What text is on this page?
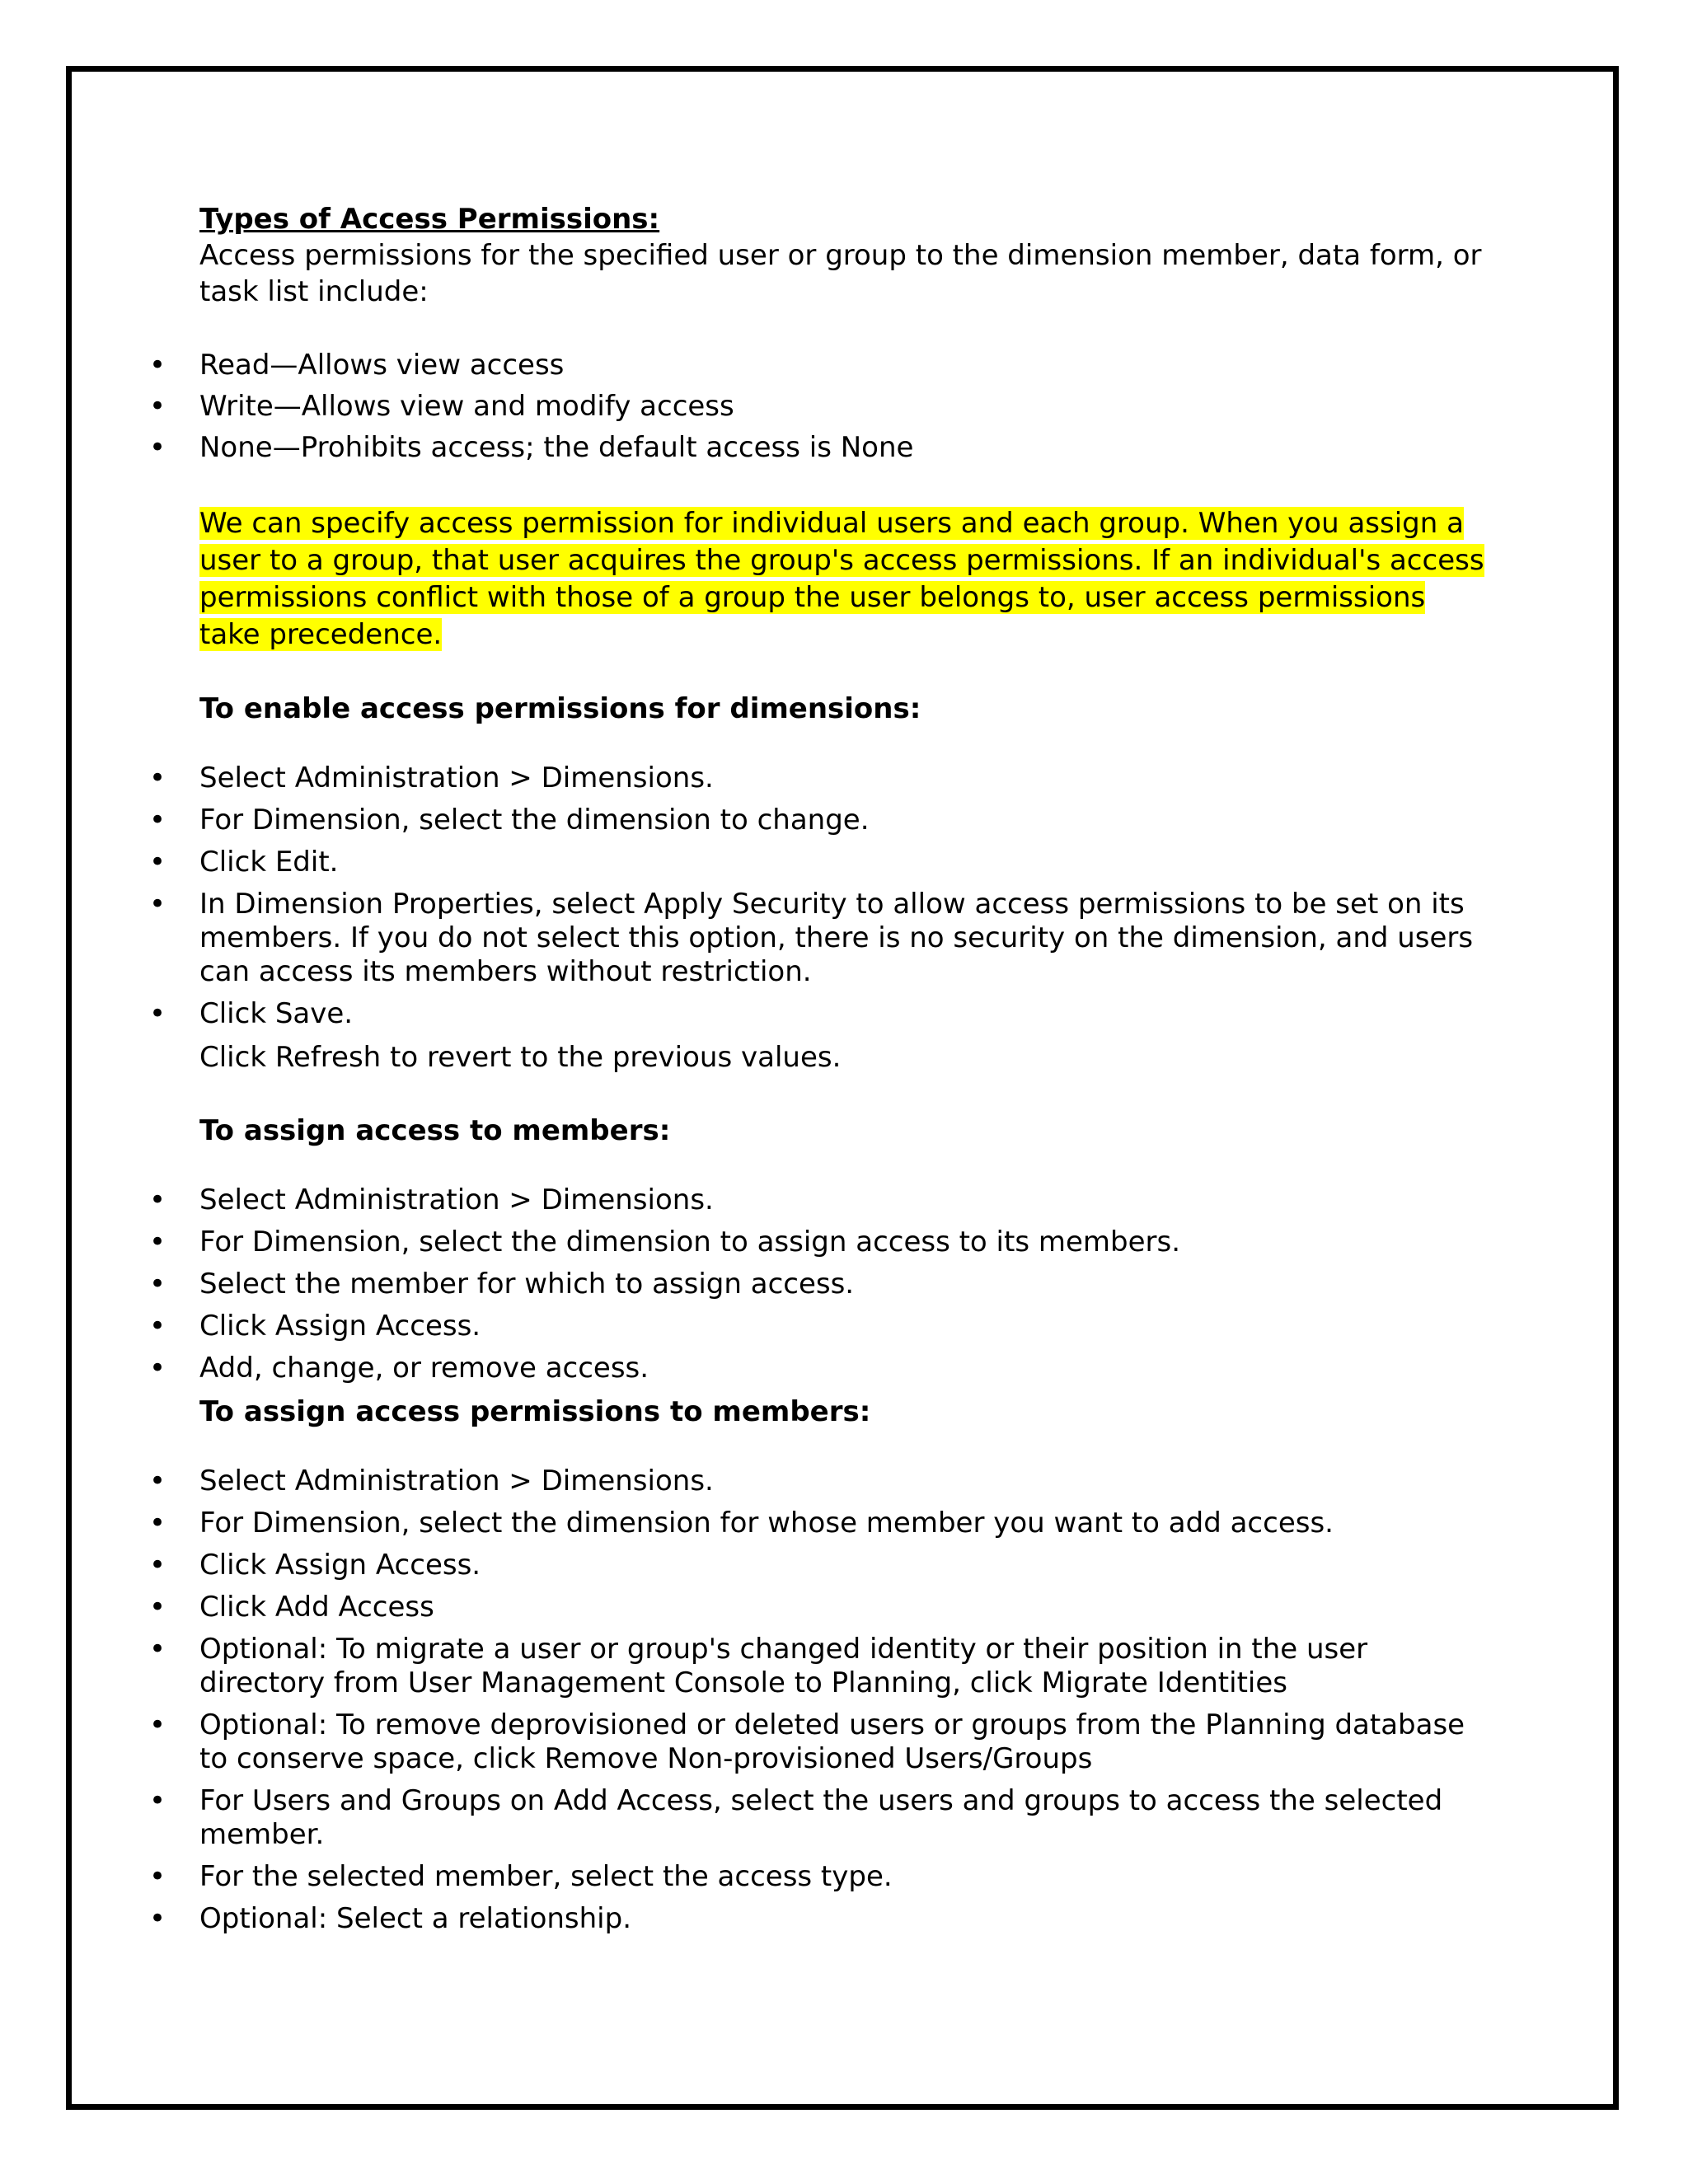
Types of Access Permissions:

Access permissions for the specified user or group to the dimension member, data form, or task list include:

• Read—Allows view access
• Write—Allows view and modify access
• None—Prohibits access; the default access is None

We can specify access permission for individual users and each group. When you assign a user to a group, that user acquires the group's access permissions. If an individual's access permissions conflict with those of a group the user belongs to, user access permissions take precedence.

To enable access permissions for dimensions:

• Select Administration > Dimensions.
• For Dimension, select the dimension to change.
• Click Edit.
• In Dimension Properties, select Apply Security to allow access permissions to be set on its members. If you do not select this option, there is no security on the dimension, and users can access its members without restriction.
• Click Save.

Click Refresh to revert to the previous values.

To assign access to members:

• Select Administration > Dimensions.
• For Dimension, select the dimension to assign access to its members.
• Select the member for which to assign access.
• Click Assign Access.
• Add, change, or remove access.

To assign access permissions to members:

• Select Administration > Dimensions.
• For Dimension, select the dimension for whose member you want to add access.
• Click Assign Access.
• Click Add Access
• Optional: To migrate a user or group's changed identity or their position in the user directory from User Management Console to Planning, click Migrate Identities
• Optional: To remove deprovisioned or deleted users or groups from the Planning database to conserve space, click Remove Non-provisioned Users/Groups
• For Users and Groups on Add Access, select the users and groups to access the selected member.
• For the selected member, select the access type.
• Optional: Select a relationship.
